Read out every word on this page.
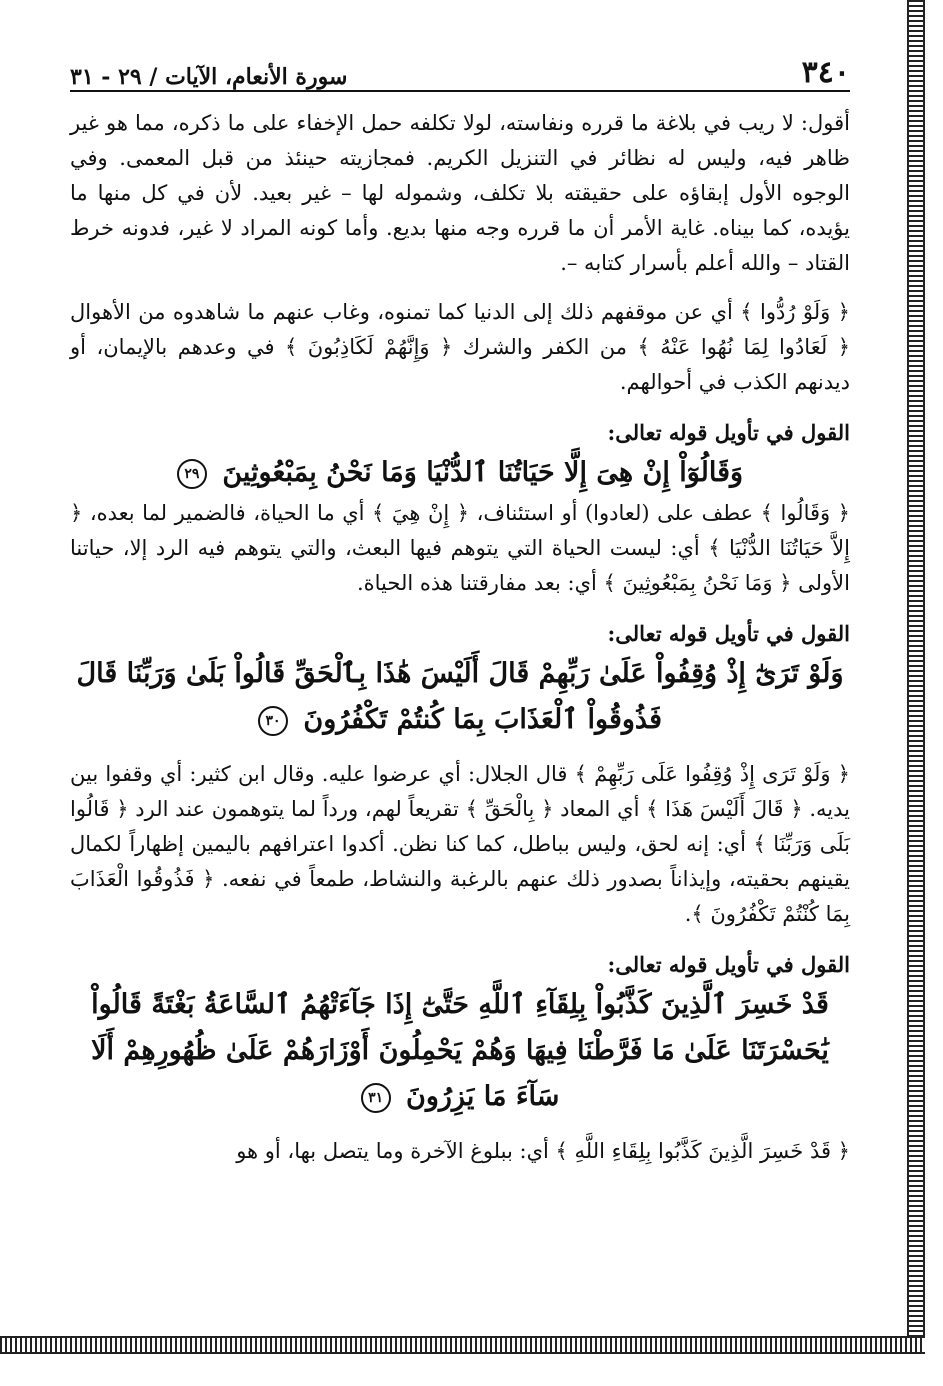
٣٤٠
سورة الأنعام، الآيات / ٢٩ - ٣١

أقول: لا ريب في بلاغة ما قرره ونفاسته، لولا تكلفه حمل الإخفاء على ما ذكره، مما هو غير ظاهر فيه، وليس له نظائر في التنزيل الكريم. فمجازيته حينئذ من قبل المعمى. وفي الوجوه الأول إبقاؤه على حقيقته بلا تكلف، وشموله لها – غير بعيد. لأن في كل منها ما يؤيده، كما بيناه. غاية الأمر أن ما قرره وجه منها بديع. وأما كونه المراد لا غير، فدونه خرط القتاد – والله أعلم بأسرار كتابه –.

﴿ وَلَوْ رُدُّوا ﴾ أي عن موقفهم ذلك إلى الدنيا كما تمنوه، وغاب عنهم ما شاهدوه من الأهوال ﴿ لَعَادُوا لِمَا نُهُوا عَنْهُ ﴾ من الكفر والشرك ﴿ وَإِنَّهُمْ لَكَاذِبُونَ ﴾ في وعدهم بالإيمان، أو ديدنهم الكذب في أحوالهم.

القول في تأويل قوله تعالى:
وَقَالُوٓاْ إِنْ هِىَ إِلَّا حَيَاتُنَا ٱلدُّنْيَا وَمَا نَحْنُ بِمَبْعُوثِينَ ٢٩

﴿ وَقَالُوا ﴾ عطف على (لعادوا) أو استئناف، ﴿ إِنْ هِيَ ﴾ أي ما الحياة، فالضمير لما بعده، ﴿ إِلاَّ حَيَاتُنَا الدُّنْيَا ﴾ أي: ليست الحياة التي يتوهم فيها البعث، والتي يتوهم فيه الرد إلا، حياتنا الأولى ﴿ وَمَا نَحْنُ بِمَبْعُوثِينَ ﴾ أي: بعد مفارقتنا هذه الحياة.

القول في تأويل قوله تعالى:
وَلَوْ تَرَىٰٓ إِذْ وُقِفُواْ عَلَىٰ رَبِّهِمْ قَالَ أَلَيْسَ هَٰذَا بِٱلْحَقِّ قَالُواْ بَلَىٰ وَرَبِّنَا قَالَ فَذُوقُواْ ٱلْعَذَابَ بِمَا كُنتُمْ تَكْفُرُونَ ٣٠

﴿ وَلَوْ تَرَى إِذْ وُقِفُوا عَلَى رَبِّهِمْ ﴾ قال الجلال: أي عرضوا عليه. وقال ابن كثير: أي وقفوا بين يديه. ﴿ قَالَ أَلَيْسَ هَذَا ﴾ أي المعاد ﴿ بِالْحَقِّ ﴾ تقريعاً لهم، ورداً لما يتوهمون عند الرد ﴿ قَالُوا بَلَى وَرَبِّنَا ﴾ أي: إنه لحق، وليس بباطل، كما كنا نظن. أكدوا اعترافهم باليمين إظهاراً لكمال يقينهم بحقيته، وإيذاناً بصدور ذلك عنهم بالرغبة والنشاط، طمعاً في نفعه. ﴿ فَذُوقُوا الْعَذَابَ بِمَا كُنْتُمْ تَكْفُرُونَ ﴾.

القول في تأويل قوله تعالى:
قَدْ خَسِرَ ٱلَّذِينَ كَذَّبُواْ بِلِقَآءِ ٱللَّهِ حَتَّىٰٓ إِذَا جَآءَتْهُمُ ٱلسَّاعَةُ بَغْتَةً قَالُواْ يَٰحَسْرَتَنَا عَلَىٰ مَا فَرَّطْنَا فِيهَا وَهُمْ يَحْمِلُونَ أَوْزَارَهُمْ عَلَىٰ ظُهُورِهِمْ أَلَا سَآءَ مَا يَزِرُونَ ٣١

﴿ قَدْ خَسِرَ الَّذِينَ كَذَّبُوا بِلِقَاءِ اللَّهِ ﴾ أي: ببلوغ الآخرة وما يتصل بها، أو هو
